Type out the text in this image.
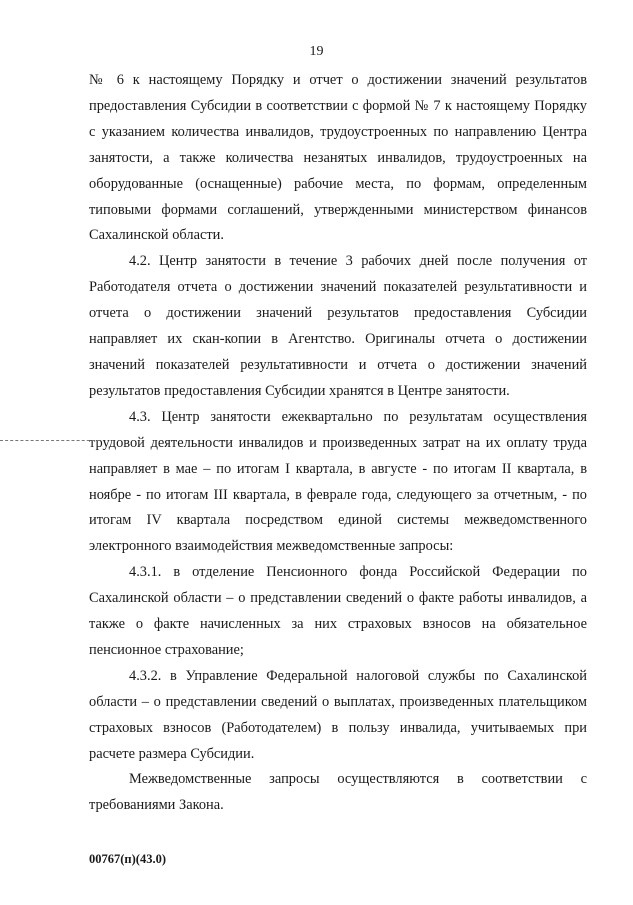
19

№ 6 к настоящему Порядку и отчет о достижении значений результатов предоставления Субсидии в соответствии с формой № 7 к настоящему Порядку с указанием количества инвалидов, трудоустроенных по направлению Центра занятости, а также количества незанятых инвалидов, трудоустроенных на оборудованные (оснащенные) рабочие места, по формам, определенным типовыми формами соглашений, утвержденными министерством финансов Сахалинской области.

4.2. Центр занятости в течение 3 рабочих дней после получения от Работодателя отчета о достижении значений показателей результативности и отчета о достижении значений результатов предоставления Субсидии направляет их скан-копии в Агентство. Оригиналы отчета о достижении значений показателей результативности и отчета о достижении значений результатов предоставления Субсидии хранятся в Центре занятости.

4.3. Центр занятости ежеквартально по результатам осуществления трудовой деятельности инвалидов и произведенных затрат на их оплату труда направляет в мае – по итогам I квартала, в августе - по итогам II квартала, в ноябре - по итогам III квартала, в феврале года, следующего за отчетным, - по итогам IV квартала посредством единой системы межведомственного электронного взаимодействия межведомственные запросы:

4.3.1. в отделение Пенсионного фонда Российской Федерации по Сахалинской области – о представлении сведений о факте работы инвалидов, а также о факте начисленных за них страховых взносов на обязательное пенсионное страхование;

4.3.2. в Управление Федеральной налоговой службы по Сахалинской области – о представлении сведений о выплатах, произведенных плательщиком страховых взносов (Работодателем) в пользу инвалида, учитываемых при расчете размера Субсидии.

Межведомственные запросы осуществляются в соответствии с требованиями Закона.

00767(п)(43.0)
